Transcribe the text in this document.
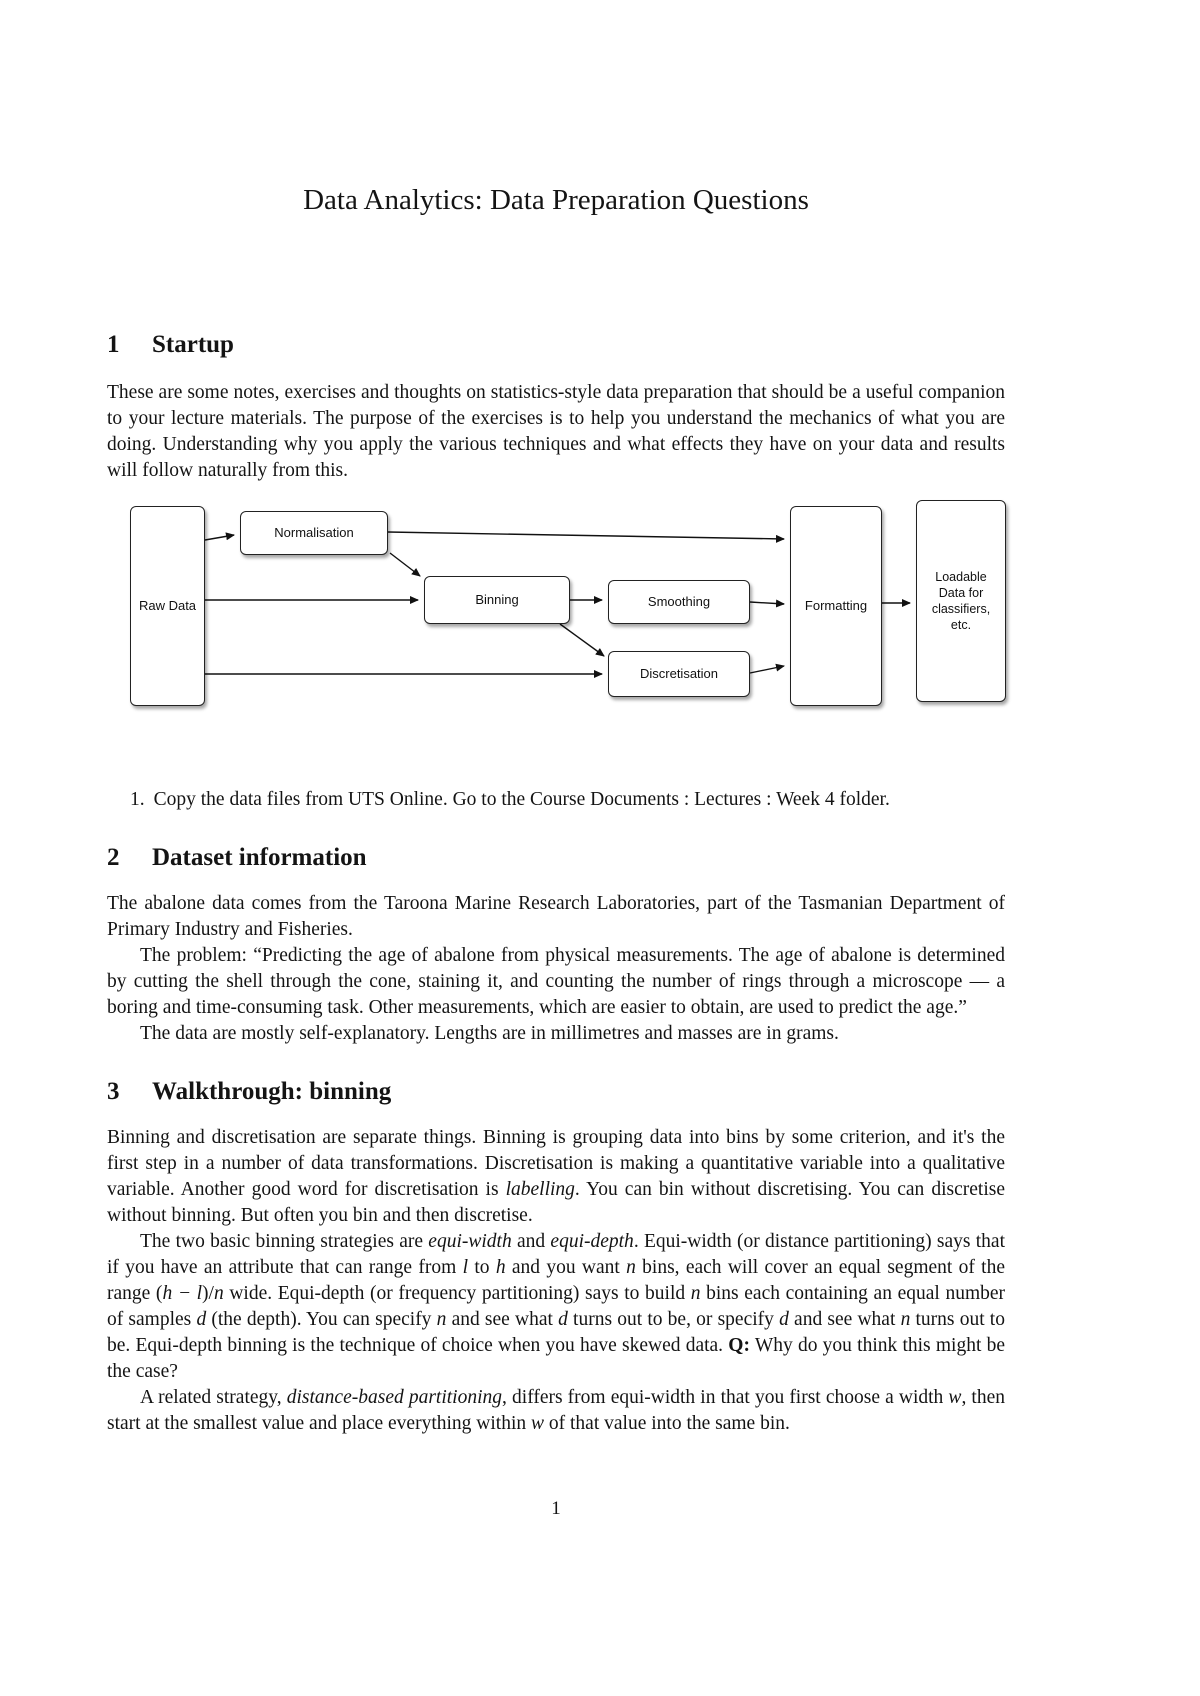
Data Analytics: Data Preparation Questions
1 Startup

These are some notes, exercises and thoughts on statistics-style data preparation that should be a useful companion to your lecture materials. The purpose of the exercises is to help you understand the mechanics of what you are doing. Understanding why you apply the various techniques and what effects they have on your data and results will follow naturally from this.

Raw Data
Normalisation
Binning	Smoothing
Discretisation
Formatting
Loadable Data for classifiers, etc.
1. Copy the data files from UTS Online. Go to the Course Documents : Lectures : Week 4 folder.
2 Dataset information

The abalone data comes from the Taroona Marine Research Laboratories, part of the Tasmanian Department of Primary Industry and Fisheries.

The problem: “Predicting the age of abalone from physical measurements. The age of abalone is determined by cutting the shell through the cone, staining it, and counting the number of rings through a microscope — a boring and time-consuming task. Other measurements, which are easier to obtain, are used to predict the age.”

The data are mostly self-explanatory. Lengths are in millimetres and masses are in grams.

3 Walkthrough: binning

Binning and discretisation are separate things. Binning is grouping data into bins by some criterion, and it's the first step in a number of data transformations. Discretisation is making a quantitative variable into a qualitative variable. Another good word for discretisation is labelling. You can bin without discretising. You can discretise without binning. But often you bin and then discretise.

The two basic binning strategies are equi-width and equi-depth. Equi-width (or distance partitioning) says that if you have an attribute that can range from l to h and you want n bins, each will cover an equal segment of the range (h − l)/n wide. Equi-depth (or frequency partitioning) says to build n bins each containing an equal number of samples d (the depth). You can specify n and see what d turns out to be, or specify d and see what n turns out to be. Equi-depth binning is the technique of choice when you have skewed data. Q: Why do you think this might be the case?

A related strategy, distance-based partitioning, differs from equi-width in that you first choose a width w, then start at the smallest value and place everything within w of that value into the same bin.

1
